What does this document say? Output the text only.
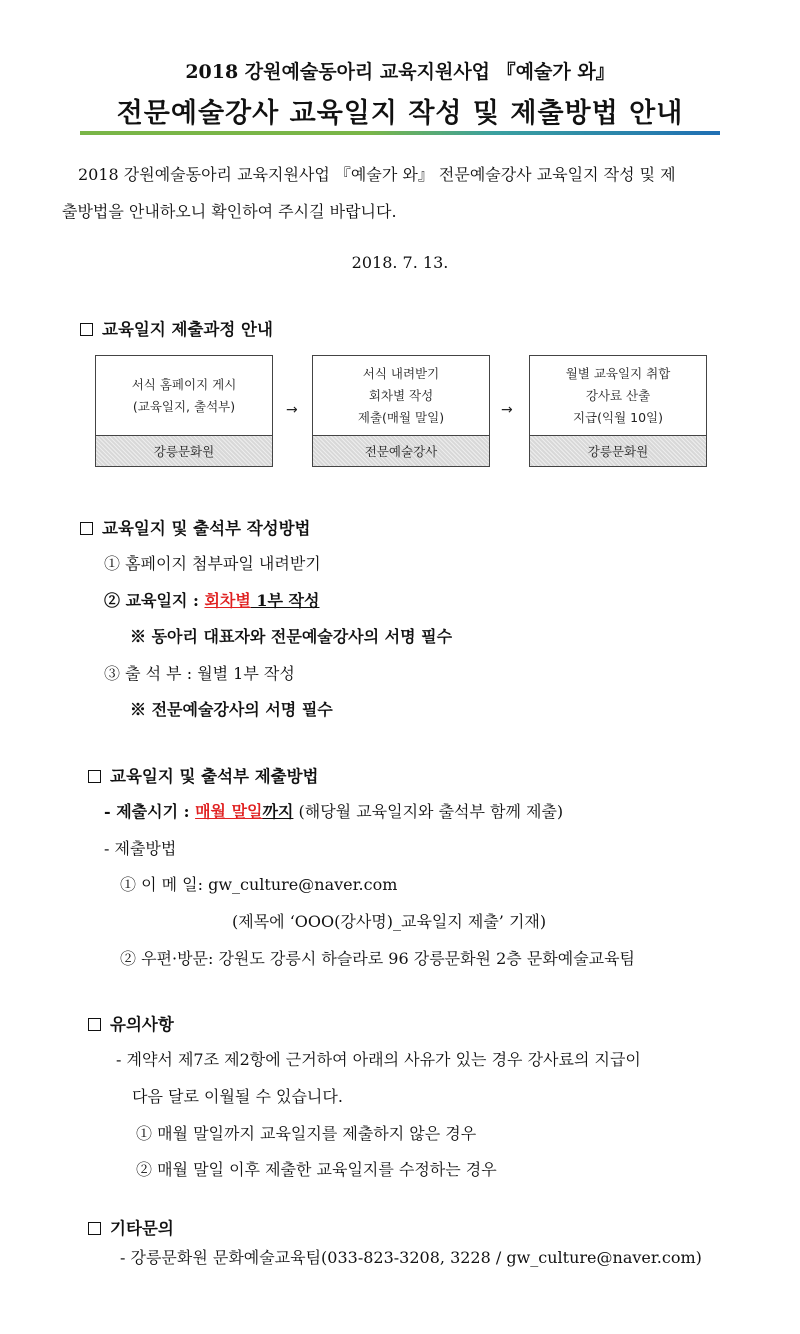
2018 강원예술동아리 교육지원사업 『예술가 와』
전문예술강사 교육일지 작성 및 제출방법 안내
2018 강원예술동아리 교육지원사업 『예술가 와』 전문예술강사 교육일지 작성 및 제
출방법을 안내하오니 확인하여 주시길 바랍니다.
2018. 7. 13.
교육일지 제출과정 안내
서식 홈페이지 게시
(교육일지, 출석부)
강릉문화원
→
서식 내려받기
회차별 작성
제출(매월 말일)
전문예술강사
→
월별 교육일지 취합
강사료 산출
지급(익월 10일)
강릉문화원
교육일지 및 출석부 작성방법
① 홈페이지 첨부파일 내려받기
② 교육일지 : 회차별 1부 작성
※ 동아리 대표자와 전문예술강사의 서명 필수
③ 출 석 부 : 월별 1부 작성
※ 전문예술강사의 서명 필수
교육일지 및 출석부 제출방법
- 제출시기 : 매월 말일까지 (해당월 교육일지와 출석부 함께 제출)
- 제출방법
① 이 메 일: gw_culture@naver.com
(제목에 ‘OOO(강사명)_교육일지 제출’ 기재)
② 우편·방문: 강원도 강릉시 하슬라로 96 강릉문화원 2층 문화예술교육팀
유의사항
- 계약서 제7조 제2항에 근거하여 아래의 사유가 있는 경우 강사료의 지급이
다음 달로 이월될 수 있습니다.
① 매월 말일까지 교육일지를 제출하지 않은 경우
② 매월 말일 이후 제출한 교육일지를 수정하는 경우
기타문의
- 강릉문화원 문화예술교육팀(033-823-3208, 3228 / gw_culture@naver.com)
